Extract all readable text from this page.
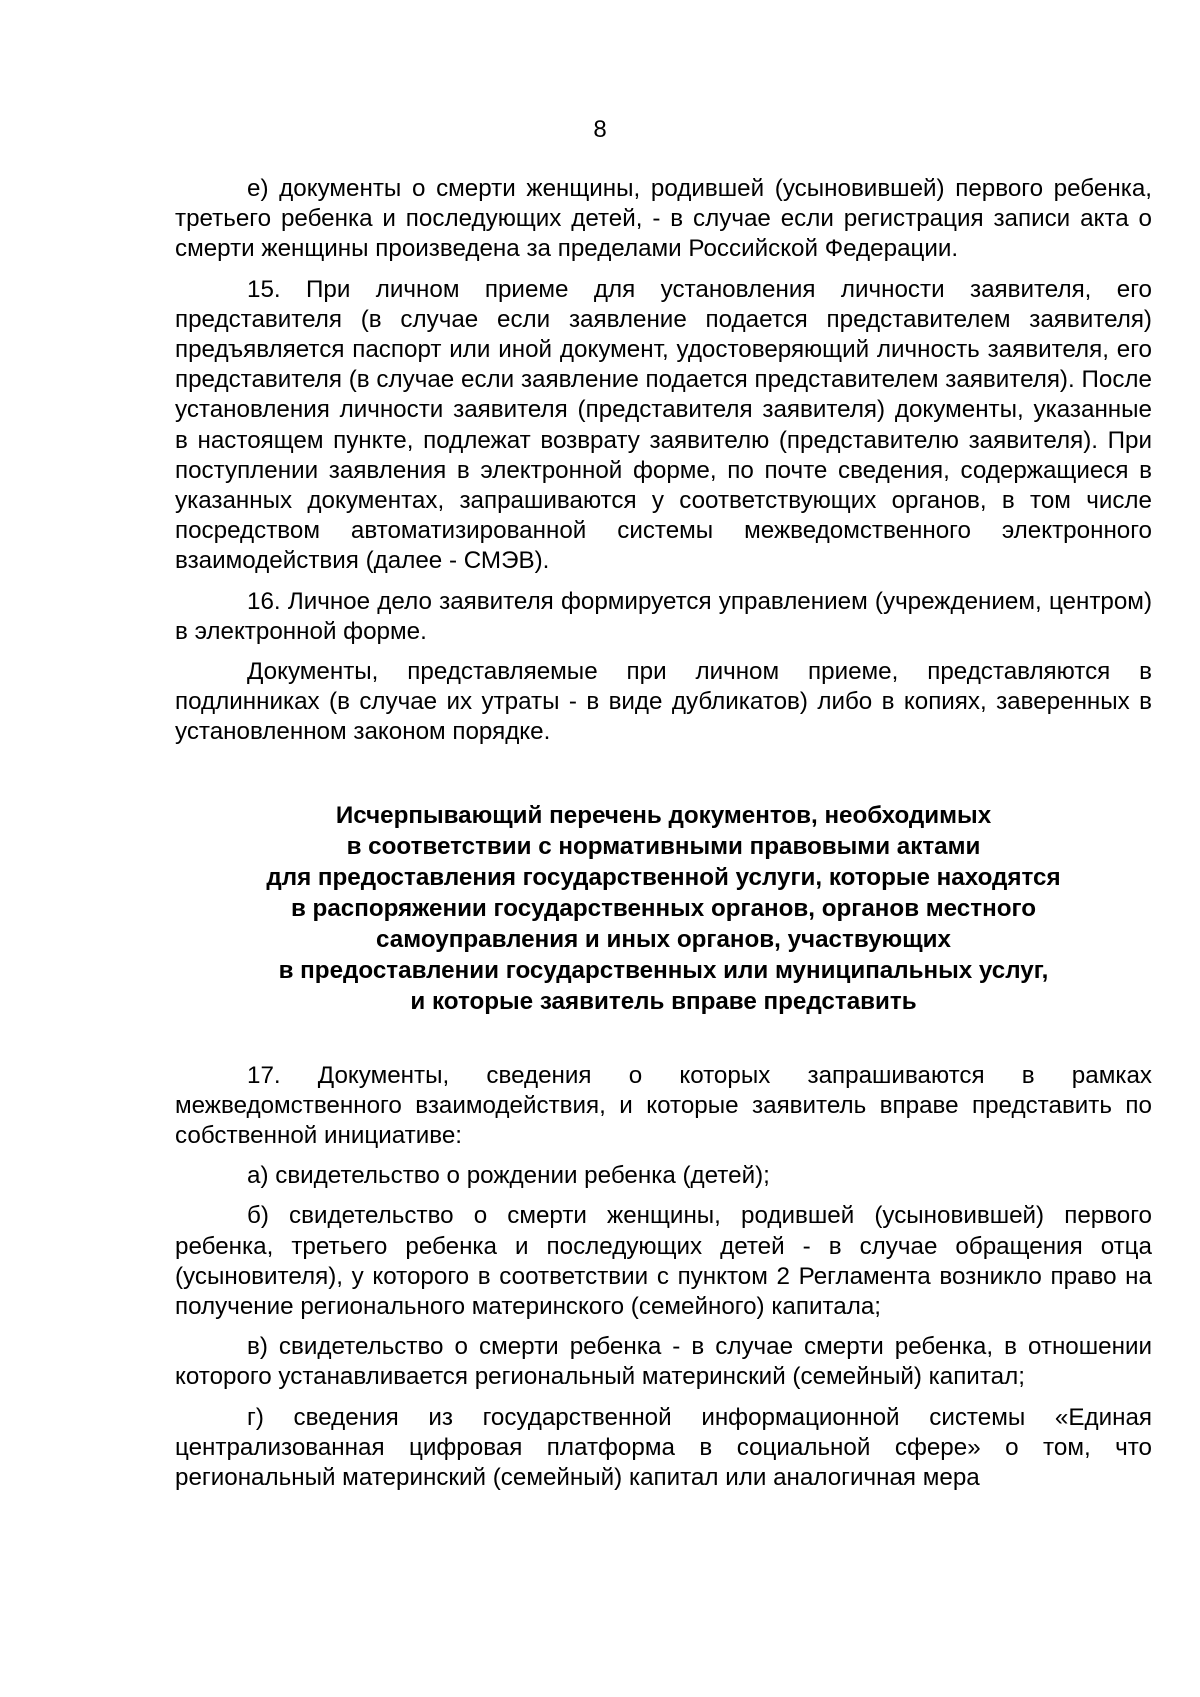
8

е) документы о смерти женщины, родившей (усыновившей) первого ребенка, третьего ребенка и последующих детей, - в случае если регистрация записи акта о смерти женщины произведена за пределами Российской Федерации.

15. При личном приеме для установления личности заявителя, его представителя (в случае если заявление подается представителем заявителя) предъявляется паспорт или иной документ, удостоверяющий личность заявителя, его представителя (в случае если заявление подается представителем заявителя). После установления личности заявителя (представителя заявителя) документы, указанные в настоящем пункте, подлежат возврату заявителю (представителю заявителя). При поступлении заявления в электронной форме, по почте сведения, содержащиеся в указанных документах, запрашиваются у соответствующих органов, в том числе посредством автоматизированной системы межведомственного электронного взаимодействия (далее - СМЭВ).

16. Личное дело заявителя формируется управлением (учреждением, центром) в электронной форме.

Документы, представляемые при личном приеме, представляются в подлинниках (в случае их утраты - в виде дубликатов) либо в копиях, заверенных в установленном законом порядке.

Исчерпывающий перечень документов, необходимых
в соответствии с нормативными правовыми актами
для предоставления государственной услуги, которые находятся
в распоряжении государственных органов, органов местного
самоуправления и иных органов, участвующих
в предоставлении государственных или муниципальных услуг,
и которые заявитель вправе представить

17. Документы, сведения о которых запрашиваются в рамках межведомственного взаимодействия, и которые заявитель вправе представить по собственной инициативе:

а) свидетельство о рождении ребенка (детей);

б) свидетельство о смерти женщины, родившей (усыновившей) первого ребенка, третьего ребенка и последующих детей - в случае обращения отца (усыновителя), у которого в соответствии с пунктом 2 Регламента возникло право на получение регионального материнского (семейного) капитала;

в) свидетельство о смерти ребенка - в случае смерти ребенка, в отношении которого устанавливается региональный материнский (семейный) капитал;

г) сведения из государственной информационной системы «Единая централизованная цифровая платформа в социальной сфере» о том, что региональный материнский (семейный) капитал или аналогичная мера
